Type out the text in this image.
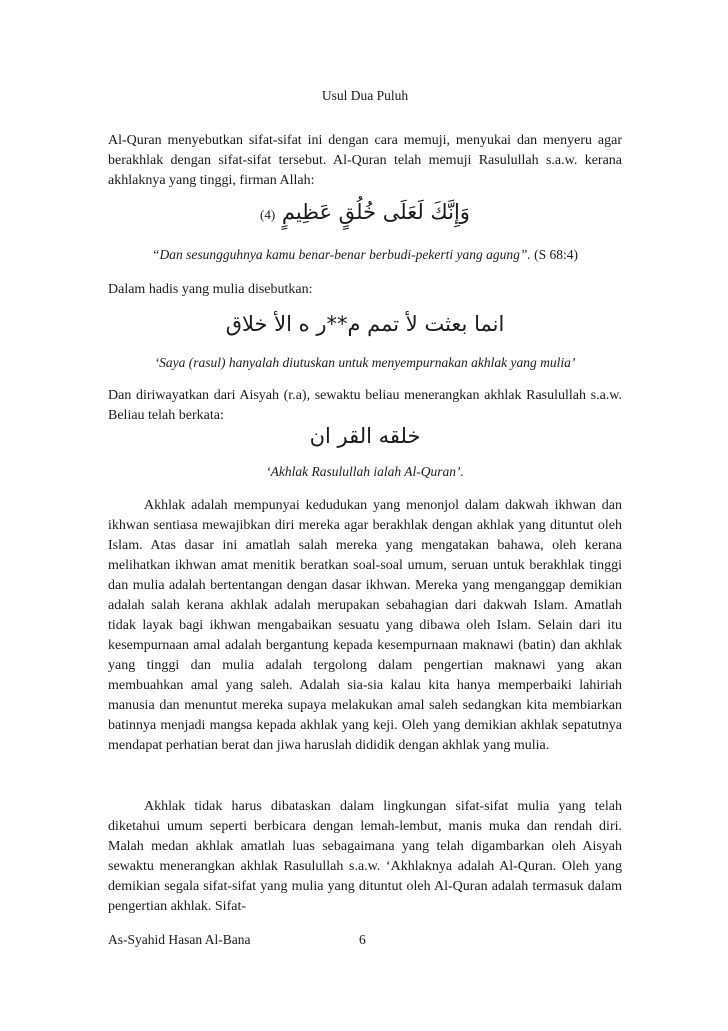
Usul Dua Puluh

Al-Quran menyebutkan sifat-sifat ini dengan cara memuji, menyukai dan menyeru agar berakhlak dengan sifat-sifat tersebut. Al-Quran telah memuji Rasulullah s.a.w. kerana akhlaknya yang tinggi, firman Allah:

وَإِنَّكَ لَعَلَى خُلُقٍ عَظِيمٍ (4)
“Dan sesungguhnya kamu benar-benar berbudi-pekerti yang agung”. (S 68:4)

Dalam hadis yang mulia disebutkan:

انما بعثت لأ تمم م**ر ه الأ خلاق
‘Saya (rasul) hanyalah diutuskan untuk menyempurnakan akhlak yang mulia’

Dan diriwayatkan dari Aisyah (r.a), sewaktu beliau menerangkan akhlak Rasulullah s.a.w. Beliau telah berkata:

خلقه القر ان
‘Akhlak Rasulullah ialah Al-Quran’.

Akhlak adalah mempunyai kedudukan yang menonjol dalam dakwah ikhwan dan ikhwan sentiasa mewajibkan diri mereka agar berakhlak dengan akhlak yang dituntut oleh Islam. Atas dasar ini amatlah salah mereka yang mengatakan bahawa, oleh kerana melihatkan ikhwan amat menitik beratkan soal-soal umum, seruan untuk berakhlak tinggi dan mulia adalah bertentangan dengan dasar ikhwan. Mereka yang menganggap demikian adalah salah kerana akhlak adalah merupakan sebahagian dari dakwah Islam. Amatlah tidak layak bagi ikhwan mengabaikan sesuatu yang dibawa oleh Islam. Selain dari itu kesempurnaan amal adalah bergantung kepada kesempurnaan maknawi (batin) dan akhlak yang tinggi dan mulia adalah tergolong dalam pengertian maknawi yang akan membuahkan amal yang saleh. Adalah sia-sia kalau kita hanya memperbaiki lahiriah manusia dan menuntut mereka supaya melakukan amal saleh sedangkan kita membiarkan batinnya menjadi mangsa kepada akhlak yang keji. Oleh yang demikian akhlak sepatutnya mendapat perhatian berat dan jiwa haruslah dididik dengan akhlak yang mulia.

Akhlak tidak harus dibataskan dalam lingkungan sifat-sifat mulia yang telah diketahui umum seperti berbicara dengan lemah-lembut, manis muka dan rendah diri. Malah medan akhlak amatlah luas sebagaimana yang telah digambarkan oleh Aisyah sewaktu menerangkan akhlak Rasulullah s.a.w. ‘Akhlaknya adalah Al-Quran. Oleh yang demikian segala sifat-sifat yang mulia yang dituntut oleh Al-Quran adalah termasuk dalam pengertian akhlak. Sifat-

As-Syahid Hasan Al-Bana	6
